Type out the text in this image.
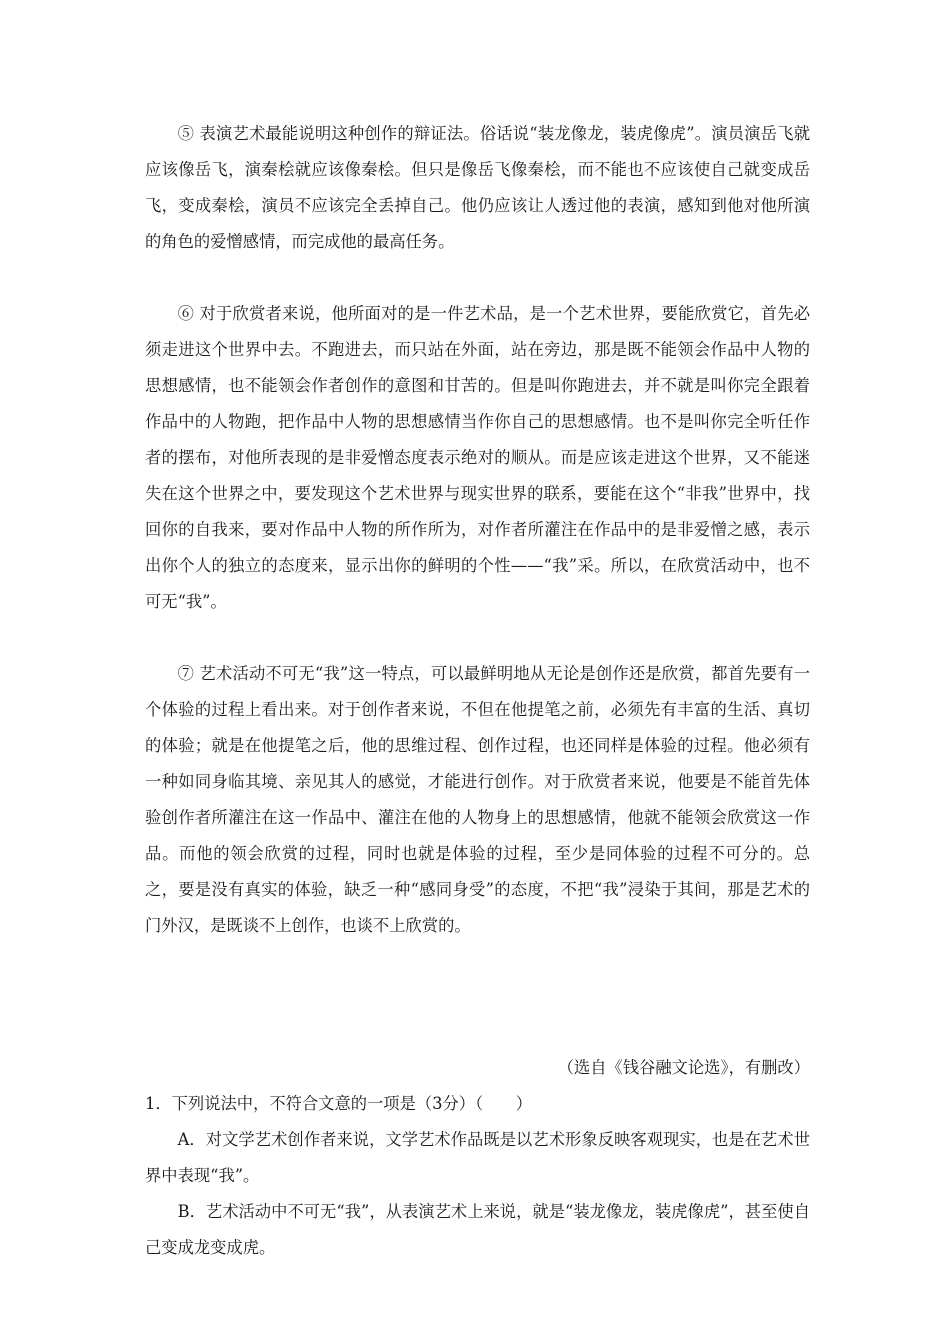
⑤ 表演艺术最能说明这种创作的辩证法。俗话说“装龙像龙，装虎像虎”。演员演岳飞就应该像岳飞，演秦桧就应该像秦桧。但只是像岳飞像秦桧，而不能也不应该使自己就变成岳飞，变成秦桧，演员不应该完全丢掉自己。他仍应该让人透过他的表演，感知到他对他所演的角色的爱憎感情，而完成他的最高任务。

⑥ 对于欣赏者来说，他所面对的是一件艺术品，是一个艺术世界，要能欣赏它，首先必须走进这个世界中去。不跑进去，而只站在外面，站在旁边，那是既不能领会作品中人物的思想感情，也不能领会作者创作的意图和甘苦的。但是叫你跑进去，并不就是叫你完全跟着作品中的人物跑，把作品中人物的思想感情当作你自己的思想感情。也不是叫你完全听任作者的摆布，对他所表现的是非爱憎态度表示绝对的顺从。而是应该走进这个世界，又不能迷失在这个世界之中，要发现这个艺术世界与现实世界的联系，要能在这个“非我”世界中，找回你的自我来，要对作品中人物的所作所为，对作者所灌注在作品中的是非爱憎之感，表示出你个人的独立的态度来，显示出你的鲜明的个性——“我”采。所以，在欣赏活动中，也不可无“我”。

⑦ 艺术活动不可无“我”这一特点，可以最鲜明地从无论是创作还是欣赏，都首先要有一个体验的过程上看出来。对于创作者来说，不但在他提笔之前，必须先有丰富的生活、真切的体验；就是在他提笔之后，他的思维过程、创作过程，也还同样是体验的过程。他必须有一种如同身临其境、亲见其人的感觉，才能进行创作。对于欣赏者来说，他要是不能首先体验创作者所灌注在这一作品中、灌注在他的人物身上的思想感情，他就不能领会欣赏这一作品。而他的领会欣赏的过程，同时也就是体验的过程，至少是同体验的过程不可分的。总之，要是没有真实的体验，缺乏一种“感同身受”的态度，不把“我”浸染于其间，那是艺术的门外汉，是既谈不上创作，也谈不上欣赏的。

（选自《钱谷融文论选》，有删改）

1．下列说法中，不符合文意的一项是（3分）（　　）

A．对文学艺术创作者来说，文学艺术作品既是以艺术形象反映客观现实，也是在艺术世界中表现“我”。

B．艺术活动中不可无“我”，从表演艺术上来说，就是“装龙像龙，装虎像虎”，甚至使自己变成龙变成虎。
